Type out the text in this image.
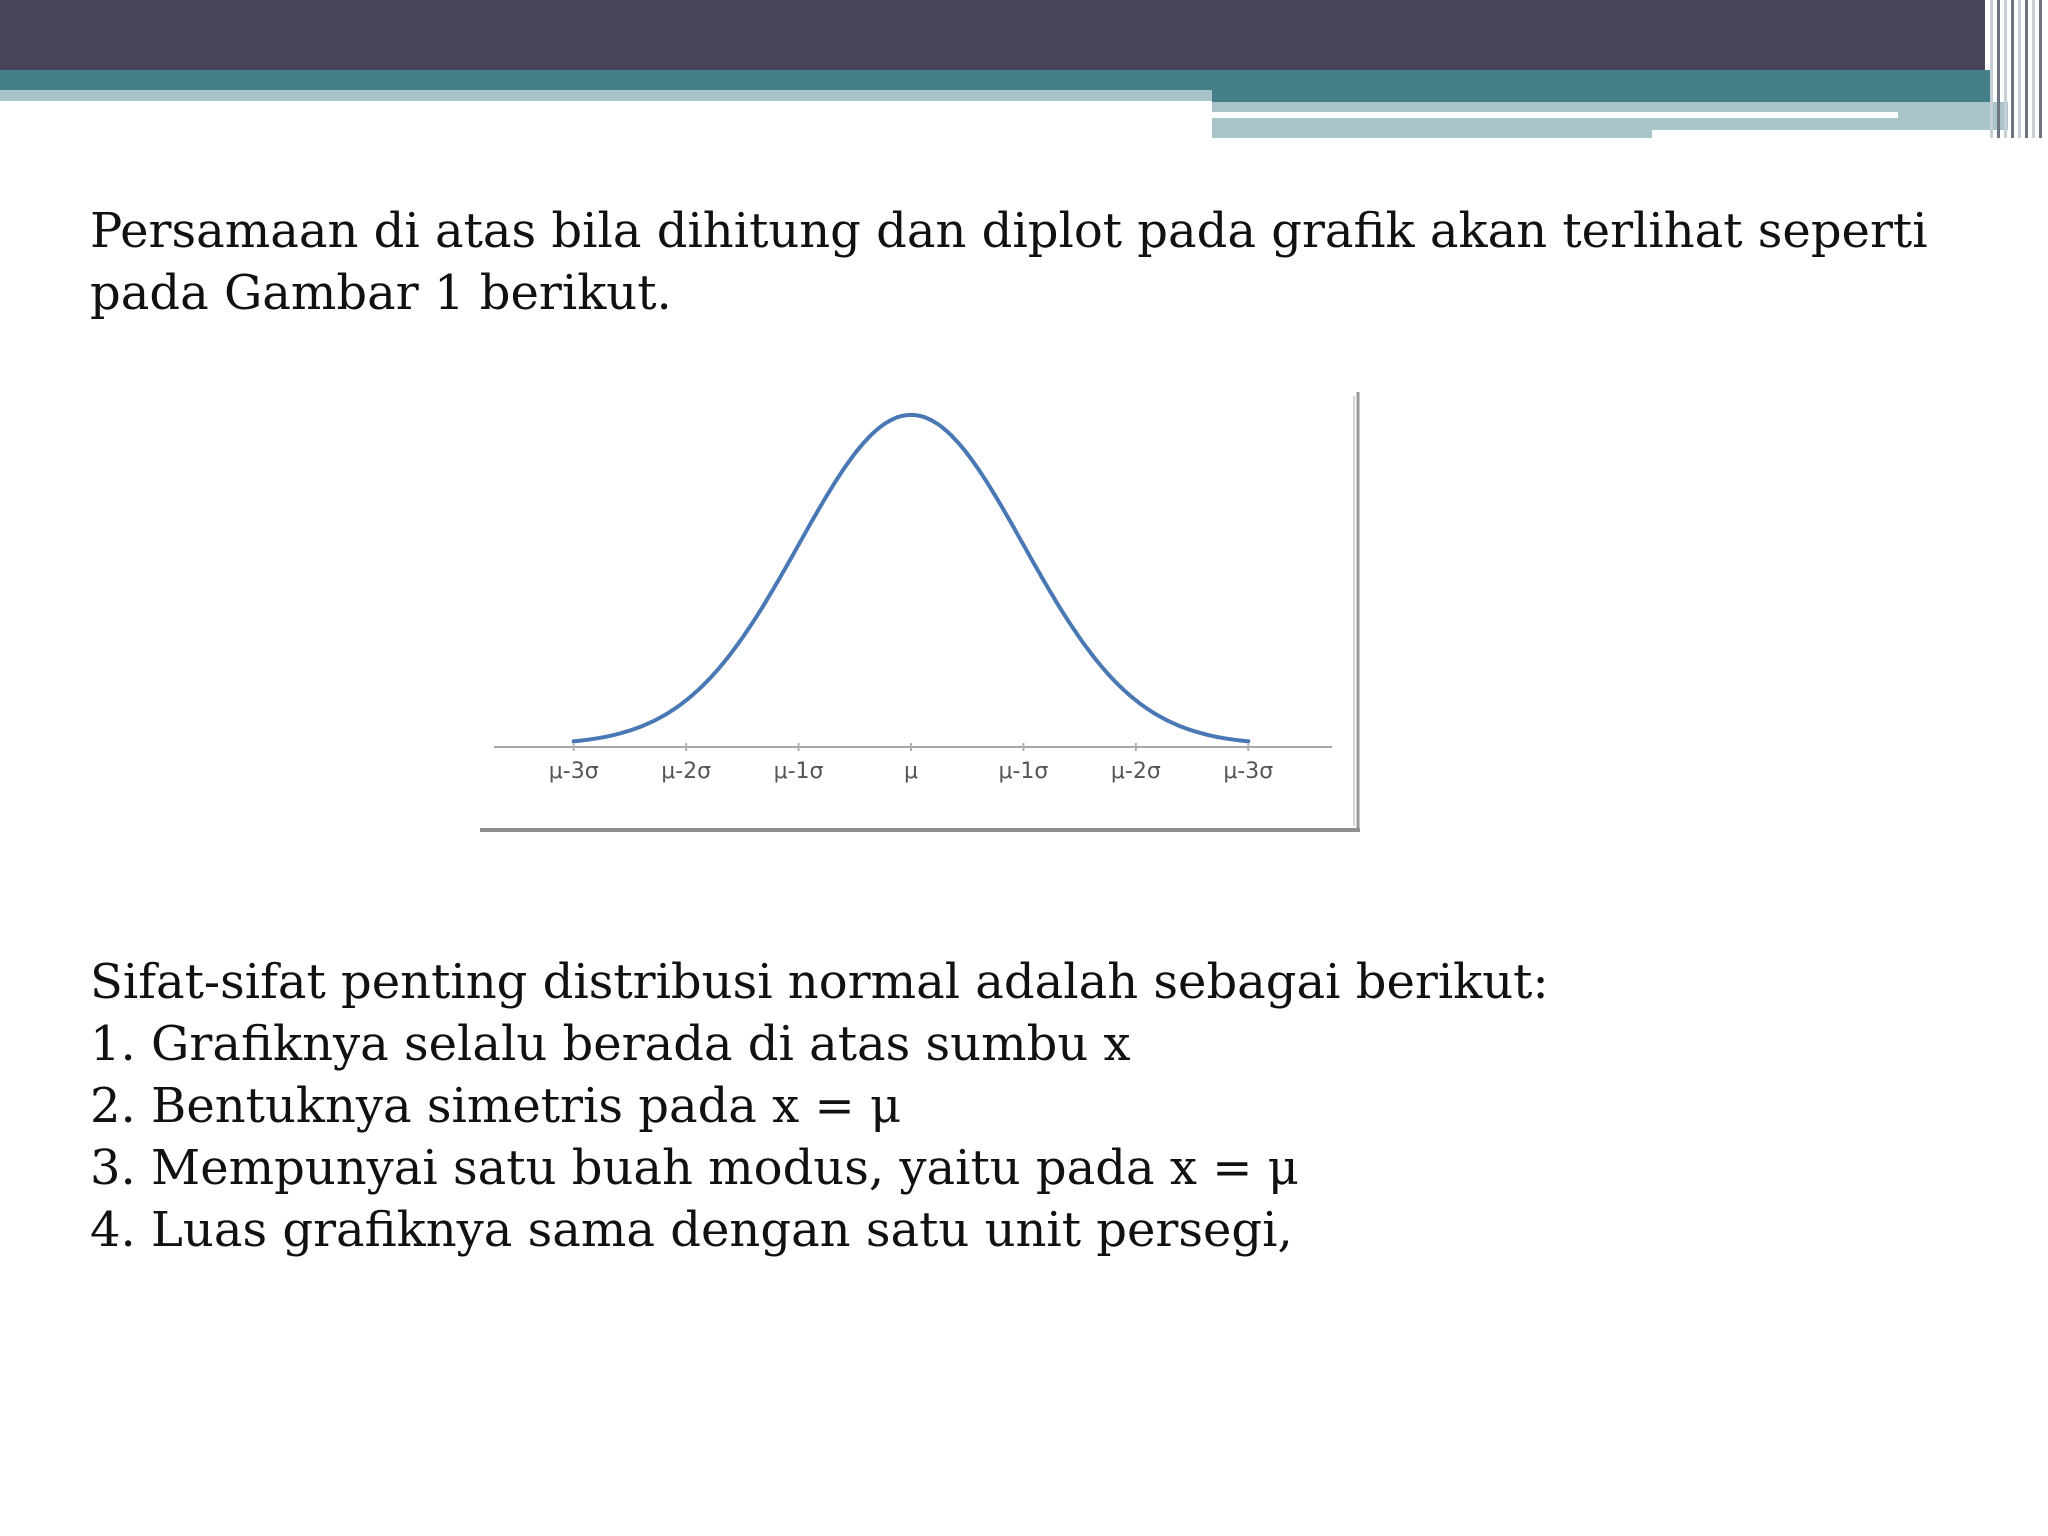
Persamaan di atas bila dihitung dan diplot pada grafik akan terlihat seperti
pada Gambar 1 berikut.
μ-3σ	μ-2σ	μ-1σ	μ	μ-1σ	μ-2σ	μ-3σ
Sifat-sifat penting distribusi normal adalah sebagai berikut:
1. Grafiknya selalu berada di atas sumbu x
2. Bentuknya simetris pada x = μ
3. Mempunyai satu buah modus, yaitu pada x = μ
4. Luas grafiknya sama dengan satu unit persegi,
